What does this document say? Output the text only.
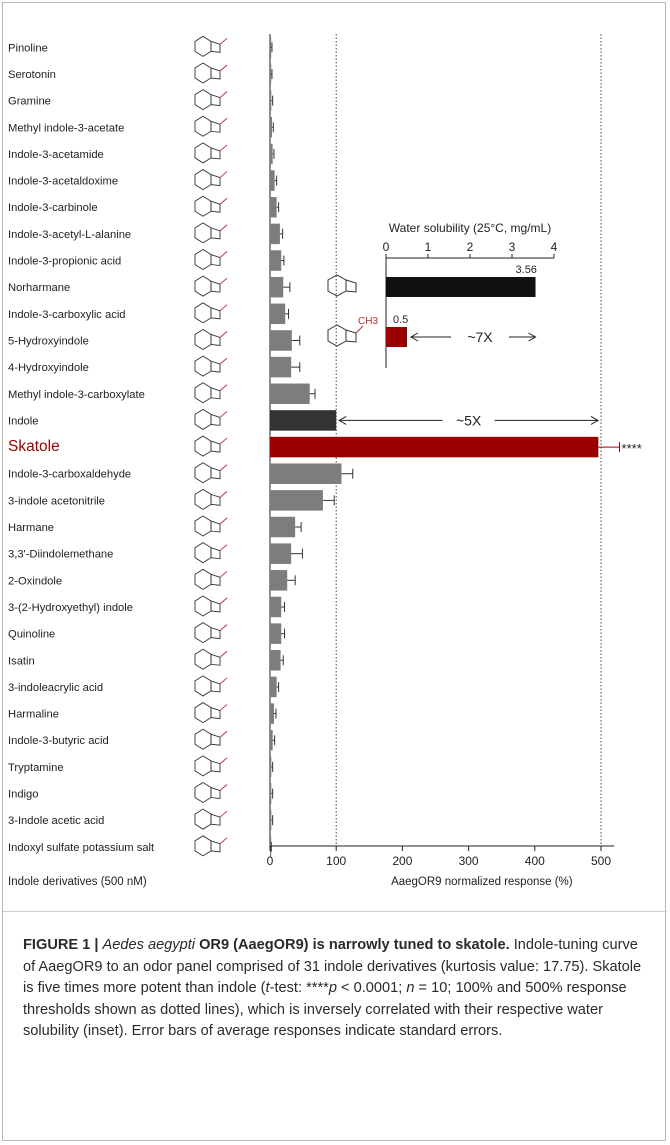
Pinoline
Serotonin
Gramine
Methyl indole-3-acetate
Indole-3-acetamide
Indole-3-acetaldoxime
Indole-3-carbinole
Indole-3-acetyl-L-alanine
Indole-3-propionic acid
Norharmane
Indole-3-carboxylic acid
5-Hydroxyindole
4-Hydroxyindole
Methyl indole-3-carboxylate
Indole
Skatole	****
Indole-3-carboxaldehyde
3-indole acetonitrile
Harmane
3,3'-Diindolemethane
2-Oxindole
3-(2-Hydroxyethyl) indole
Quinoline
Isatin
3-indoleacrylic acid
Harmaline
Indole-3-butyric acid
Tryptamine
Indigo
3-Indole acetic acid
Indoxyl sulfate potassium salt
~5X
0	100	200	300	400	500
AaegOR9 normalized response (%)
Indole derivatives (500 nM)
Water solubility (25°C, mg/mL)
0	1	2	3	4
3.56
0.5
CH3
~7X
FIGURE 1 | Aedes aegypti OR9 (AaegOR9) is narrowly tuned to skatole. Indole-tuning curve of AaegOR9 to an odor panel comprised of 31 indole derivatives (kurtosis value: 17.75). Skatole is five times more potent than indole (t-test: ****p < 0.0001; n = 10; 100% and 500% response thresholds shown as dotted lines), which is inversely correlated with their respective water solubility (inset). Error bars of average responses indicate standard errors.
